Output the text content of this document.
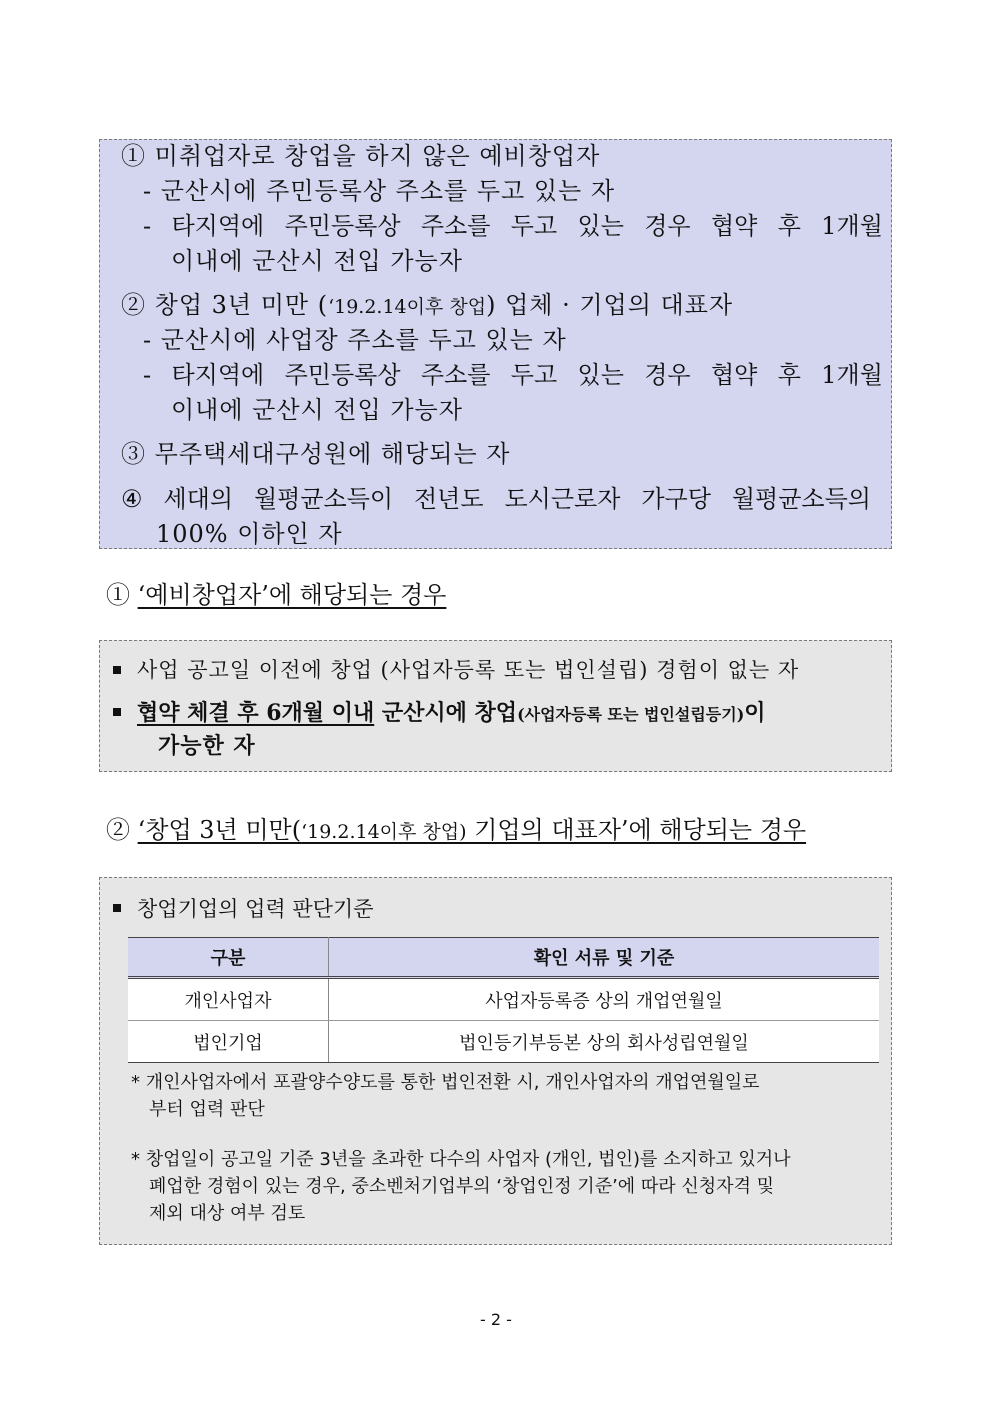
① 미취업자로 창업을 하지 않은 예비창업자
- 군산시에 주민등록상 주소를 두고 있는 자
- 타지역에 주민등록상 주소를 두고 있는 경우 협약 후 1개월
이내에 군산시 전입 가능자
② 창업 3년 미만 (‘19.2.14이후 창업) 업체 · 기업의 대표자
- 군산시에 사업장 주소를 두고 있는 자
- 타지역에 주민등록상 주소를 두고 있는 경우 협약 후 1개월
이내에 군산시 전입 가능자
③ 무주택세대구성원에 해당되는 자
④ 세대의 월평균소득이 전년도 도시근로자 가구당 월평균소득의
100% 이하인 자
① ‘예비창업자’에 해당되는 경우
사업 공고일 이전에 창업 (사업자등록 또는 법인설립) 경험이 없는 자
협약 체결 후 6개월 이내 군산시에 창업(사업자등록 또는 법인설립등기)이
가능한 자
② ‘창업 3년 미만(‘19.2.14이후 창업) 기업의 대표자’에 해당되는 경우
창업기업의 업력 판단기준
구분	확인 서류 및 기준
개인사업자	사업자등록증 상의 개업연월일
법인기업	법인등기부등본 상의 회사성립연월일
* 개인사업자에서 포괄양수양도를 통한 법인전환 시, 개인사업자의 개업연월일로
부터 업력 판단
* 창업일이 공고일 기준 3년을 초과한 다수의 사업자 (개인, 법인)를 소지하고 있거나
폐업한 경험이 있는 경우, 중소벤처기업부의 ‘창업인정 기준’에 따라 신청자격 및
제외 대상 여부 검토
- 2 -
